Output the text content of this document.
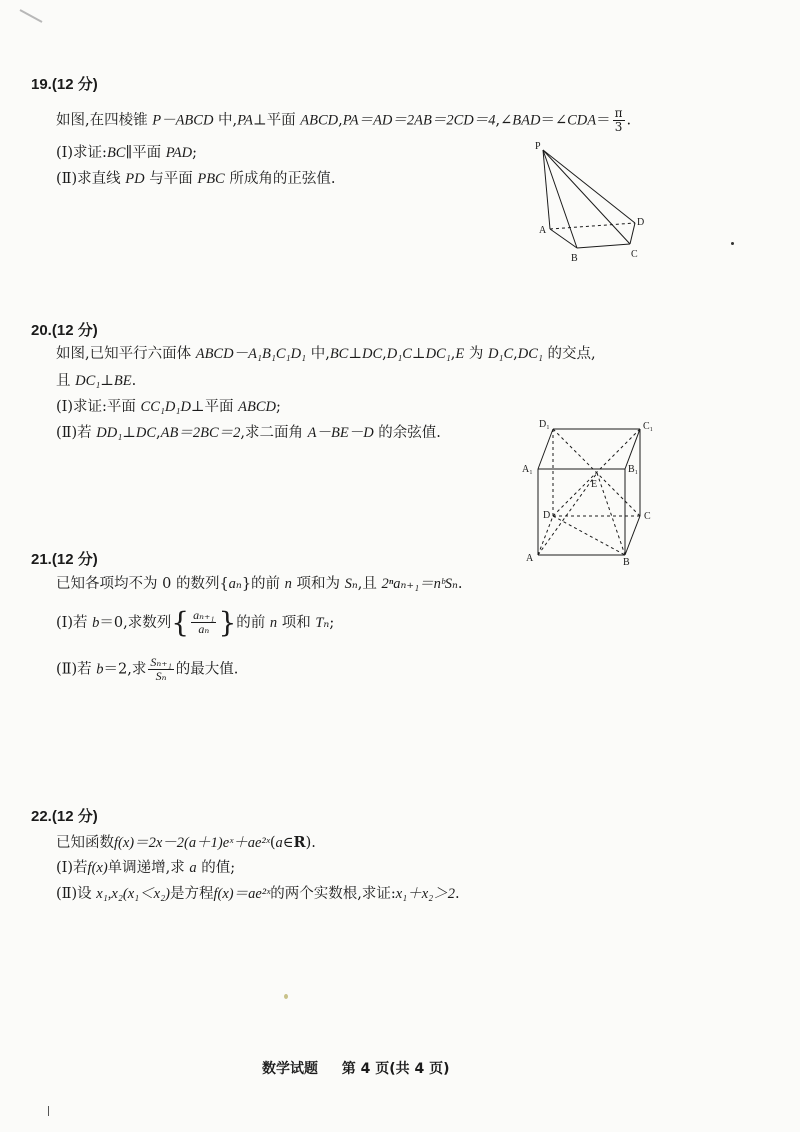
19.(12 分)
如图,在四棱锥 P－ABCD 中,PA⊥平面 ABCD,PA＝AD＝2AB＝2CD＝4,∠BAD＝∠CDA＝ $\frac{\pi}{3}$ .
(Ⅰ)求证:BC∥平面 PAD;
(Ⅱ)求直线 PD 与平面 PBC 所成角的正弦值.
P
A
B	C
D
20.(12 分)
如图,已知平行六面体 ABCD－A₁B₁C₁D₁ 中,BC⊥DC,D₁C⊥DC₁,E 为 D₁C,DC₁ 的交点,
且 DC₁⊥BE.
(Ⅰ)求证:平面 CC₁D₁D⊥平面 ABCD;
(Ⅱ)若 DD₁⊥DC,AB＝2BC＝2,求二面角 A－BE－D 的余弦值.
D₁	C₁
A₁	B₁
E
D	C
A	B
21.(12 分)
已知各项均不为 0 的数列{aₙ}的前 n 项和为 Sₙ,且 2ⁿaₙ₊₁＝nᵇSₙ.
(Ⅰ)若 b＝0,求数列{ $\frac{\text{aₙ₊₁}}{\text{aₙ}}$ }的前 n 项和 Tₙ;
(Ⅱ)若 b＝2,求 $\frac{\text{Sₙ₊₁}}{\text{Sₙ}}$ 的最大值.
22.(12 分)
已知函数f(x)＝2x－2(a＋1)eˣ＋ae²ˣ(a∈R).
(Ⅰ)若f(x)单调递增,求 a 的值;
(Ⅱ)设 x₁,x₂(x₁＜x₂)是方程f(x)＝ae²ˣ的两个实数根,求证:x₁＋x₂＞2.
数学试题 第 4 页(共 4 页)
